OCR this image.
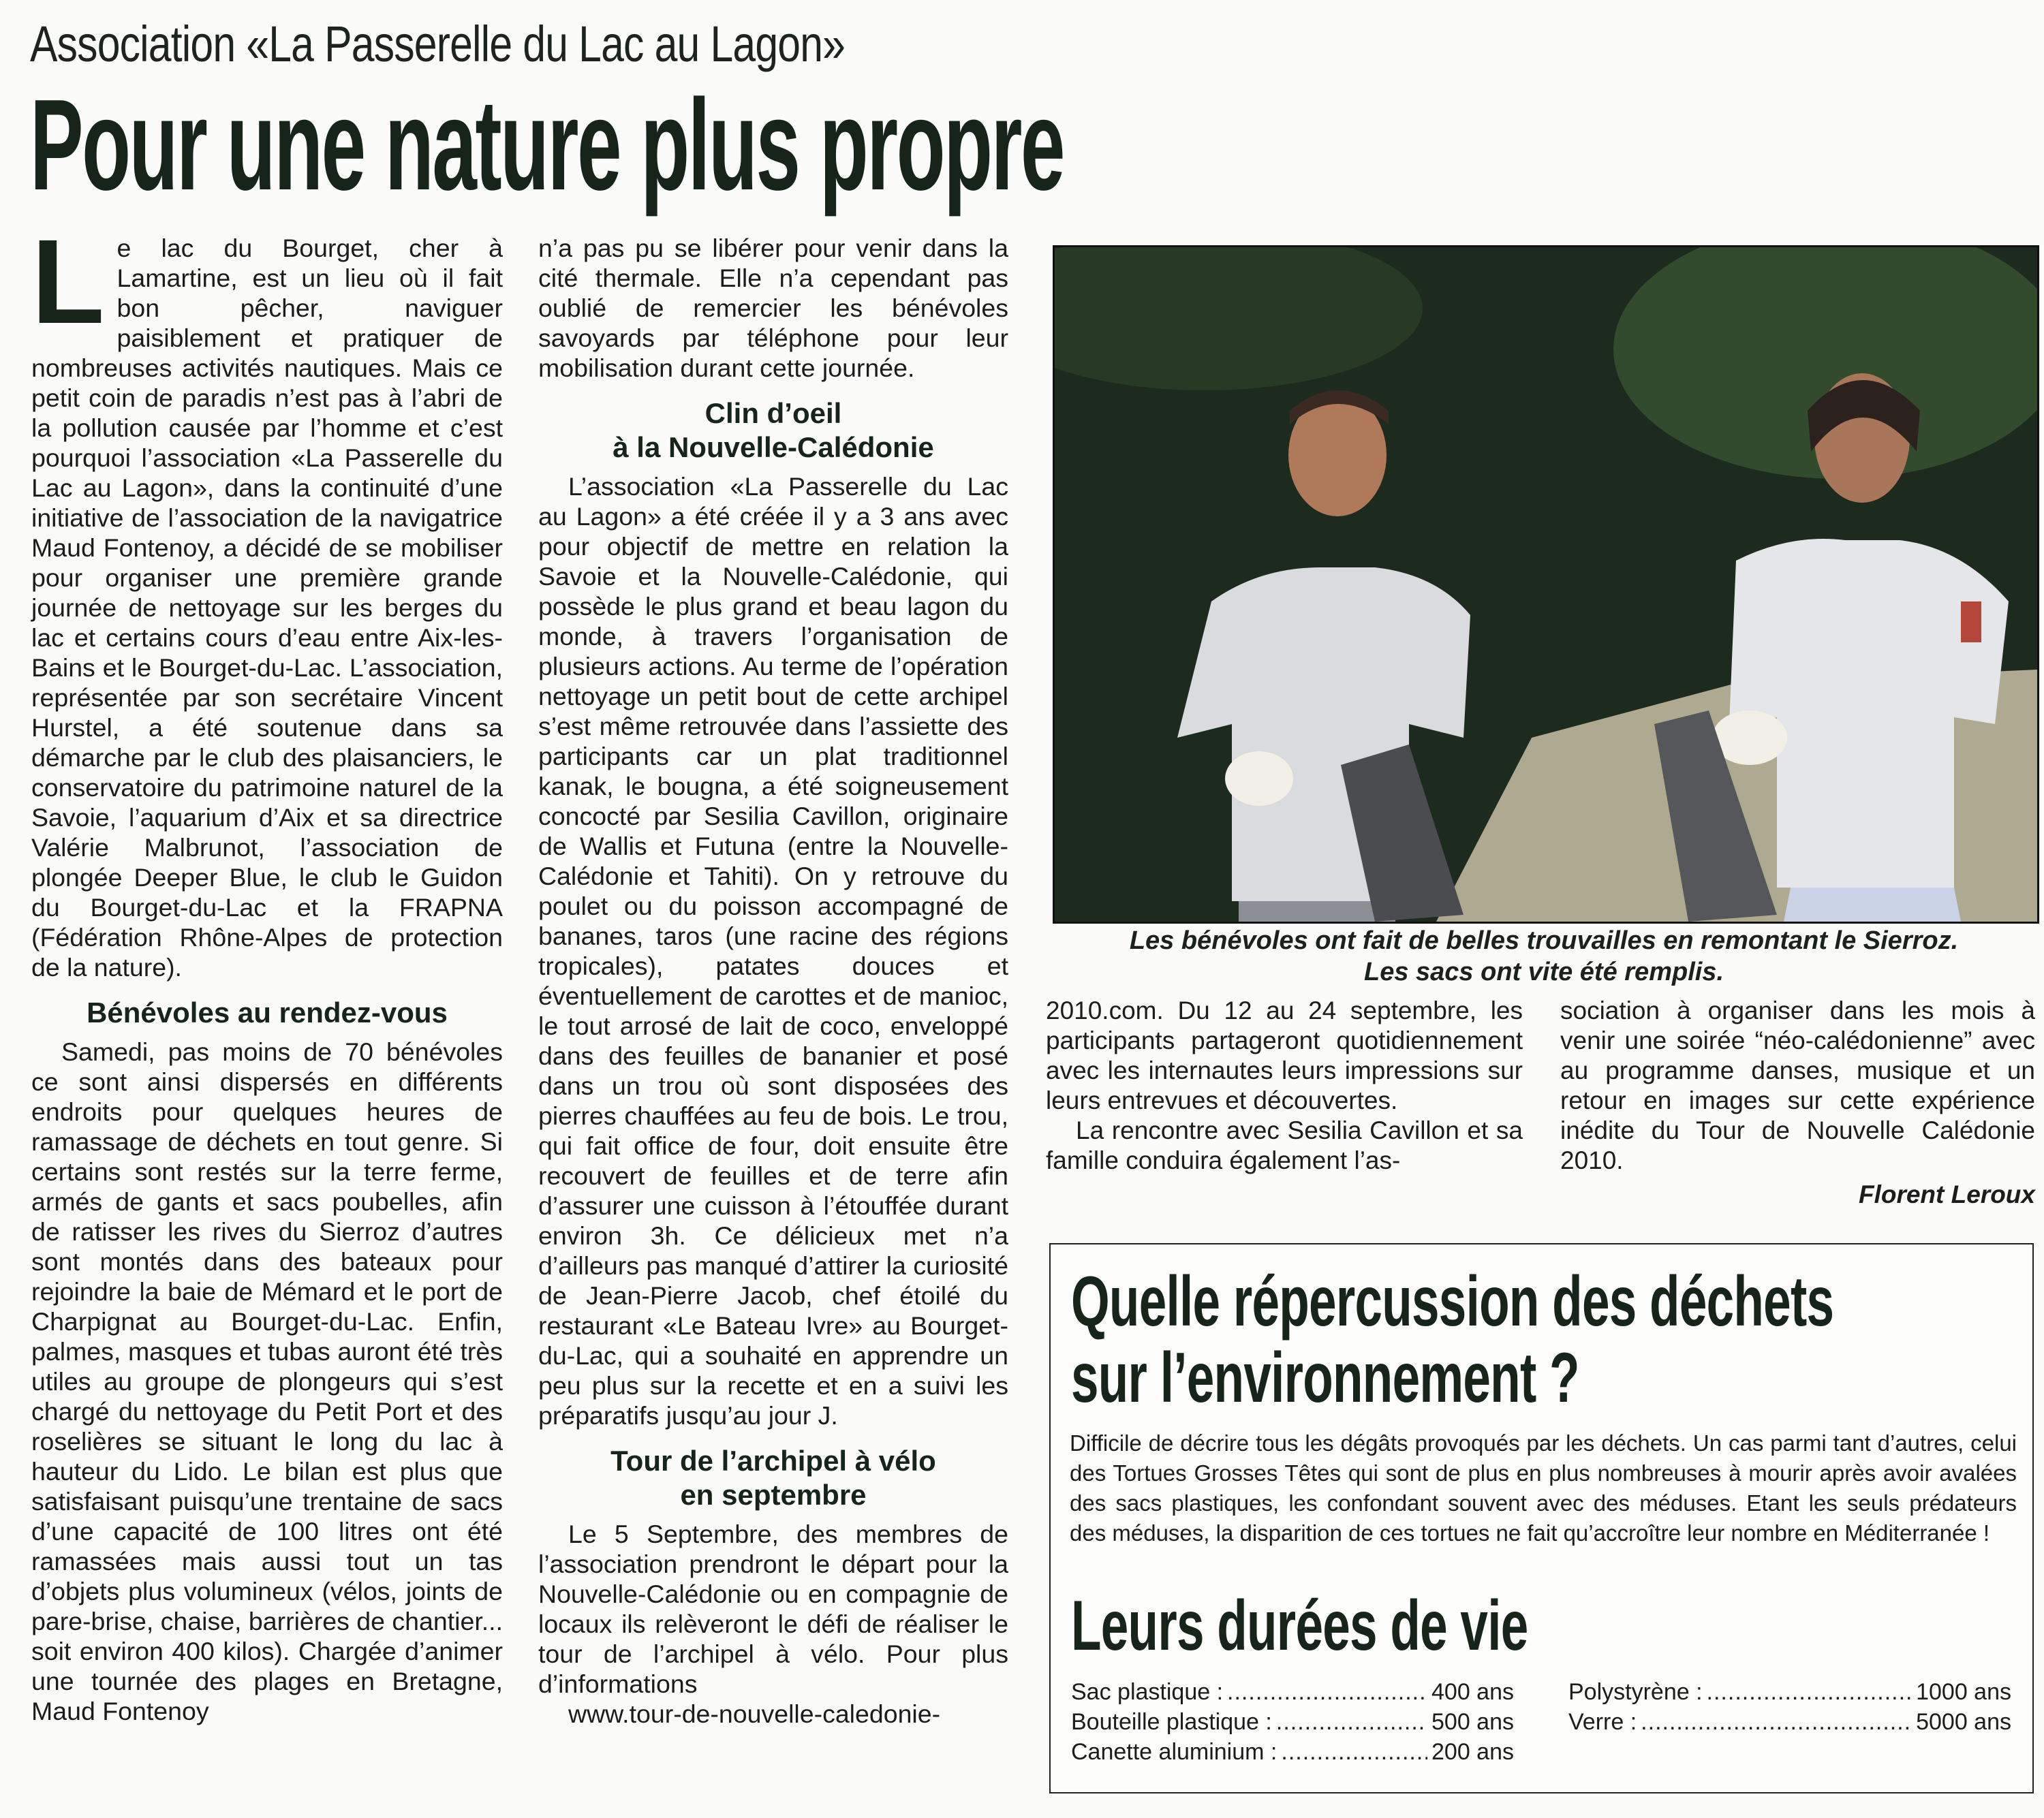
Association «La Passerelle du Lac au Lagon»
Pour une nature plus propre

Le lac du Bourget, cher à Lamartine, est un lieu où il fait bon pêcher, naviguer paisiblement et pratiquer de nombreuses activités nautiques. Mais ce petit coin de paradis n’est pas à l’abri de la pollution causée par l’homme et c’est pourquoi l’association «La Passerelle du Lac au Lagon», dans la continuité d’une initiative de l’association de la navigatrice Maud Fontenoy, a décidé de se mobiliser pour organiser une première grande journée de nettoyage sur les berges du lac et certains cours d’eau entre Aix-les-Bains et le Bourget-du-Lac. L’association, représentée par son secrétaire Vincent Hurstel, a été soutenue dans sa démarche par le club des plaisanciers, le conservatoire du patrimoine naturel de la Savoie, l’aquarium d’Aix et sa directrice Valérie Malbrunot, l’association de plongée Deeper Blue, le club le Guidon du Bourget-du-Lac et la FRAPNA (Fédération Rhône-Alpes de protection de la nature).

Bénévoles au rendez-vous

Samedi, pas moins de 70 bénévoles ce sont ainsi dispersés en différents endroits pour quelques heures de ramassage de déchets en tout genre. Si certains sont restés sur la terre ferme, armés de gants et sacs poubelles, afin de ratisser les rives du Sierroz d’autres sont montés dans des bateaux pour rejoindre la baie de Mémard et le port de Charpignat au Bourget-du-Lac. Enfin, palmes, masques et tubas auront été très utiles au groupe de plongeurs qui s’est chargé du nettoyage du Petit Port et des roselières se situant le long du lac à hauteur du Lido. Le bilan est plus que satisfaisant puisqu’une trentaine de sacs d’une capacité de 100 litres ont été ramassées mais aussi tout un tas d’objets plus volumineux (vélos, joints de pare-brise, chaise, barrières de chantier... soit environ 400 kilos). Chargée d’animer une tournée des plages en Bretagne, Maud Fontenoy

n’a pas pu se libérer pour venir dans la cité thermale. Elle n’a cependant pas oublié de remercier les bénévoles savoyards par téléphone pour leur mobilisation durant cette journée.

Clin d’oeil
à la Nouvelle-Calédonie

L’association «La Passerelle du Lac au Lagon» a été créée il y a 3 ans avec pour objectif de mettre en relation la Savoie et la Nouvelle-Calédonie, qui possède le plus grand et beau lagon du monde, à travers l’organisation de plusieurs actions. Au terme de l’opération nettoyage un petit bout de cette archipel s’est même retrouvée dans l’assiette des participants car un plat traditionnel kanak, le bougna, a été soigneusement concocté par Sesilia Cavillon, originaire de Wallis et Futuna (entre la Nouvelle-Calédonie et Tahiti). On y retrouve du poulet ou du poisson accompagné de bananes, taros (une racine des régions tropicales), patates douces et éventuellement de carottes et de manioc, le tout arrosé de lait de coco, enveloppé dans des feuilles de bananier et posé dans un trou où sont disposées des pierres chauffées au feu de bois. Le trou, qui fait office de four, doit ensuite être recouvert de feuilles et de terre afin d’assurer une cuisson à l’étouffée durant environ 3h. Ce délicieux met n’a d’ailleurs pas manqué d’attirer la curiosité de Jean-Pierre Jacob, chef étoilé du restaurant «Le Bateau Ivre» au Bourget-du-Lac, qui a souhaité en apprendre un peu plus sur la recette et en a suivi les préparatifs jusqu’au jour J.

Tour de l’archipel à vélo
en septembre

Le 5 Septembre, des membres de l’association prendront le départ pour la Nouvelle-Calédonie ou en compagnie de locaux ils relèveront le défi de réaliser le tour de l’archipel à vélo. Pour plus d’informations

www.tour-de-nouvelle-caledonie-

Les bénévoles ont fait de belles trouvailles en remontant le Sierroz.
Les sacs ont vite été remplis.

2010.com. Du 12 au 24 septembre, les participants partageront quotidiennement avec les internautes leurs impressions sur leurs entrevues et découvertes.

La rencontre avec Sesilia Cavillon et sa famille conduira également l’as-

sociation à organiser dans les mois à venir une soirée “néo-calédonienne” avec au programme danses, musique et un retour en images sur cette expérience inédite du Tour de Nouvelle Calédonie 2010.

Florent Leroux
Quelle répercussion des déchets
sur l’environnement ?
Difficile de décrire tous les dégâts provoqués par les déchets. Un cas parmi tant d’autres, celui des Tortues Grosses Têtes qui sont de plus en plus nombreuses à mourir après avoir avalées des sacs plastiques, les confondant souvent avec des méduses. Etant les seuls prédateurs des méduses, la disparition de ces tortues ne fait qu’accroître leur nombre en Méditerranée !
Leurs durées de vie
Sac plastique : .....	400 ans Polystyrène : .....	1000 ans
Bouteille plastique : .....	500 ans Verre : .....	5000 ans
Canette aluminium : .....	200 ans
